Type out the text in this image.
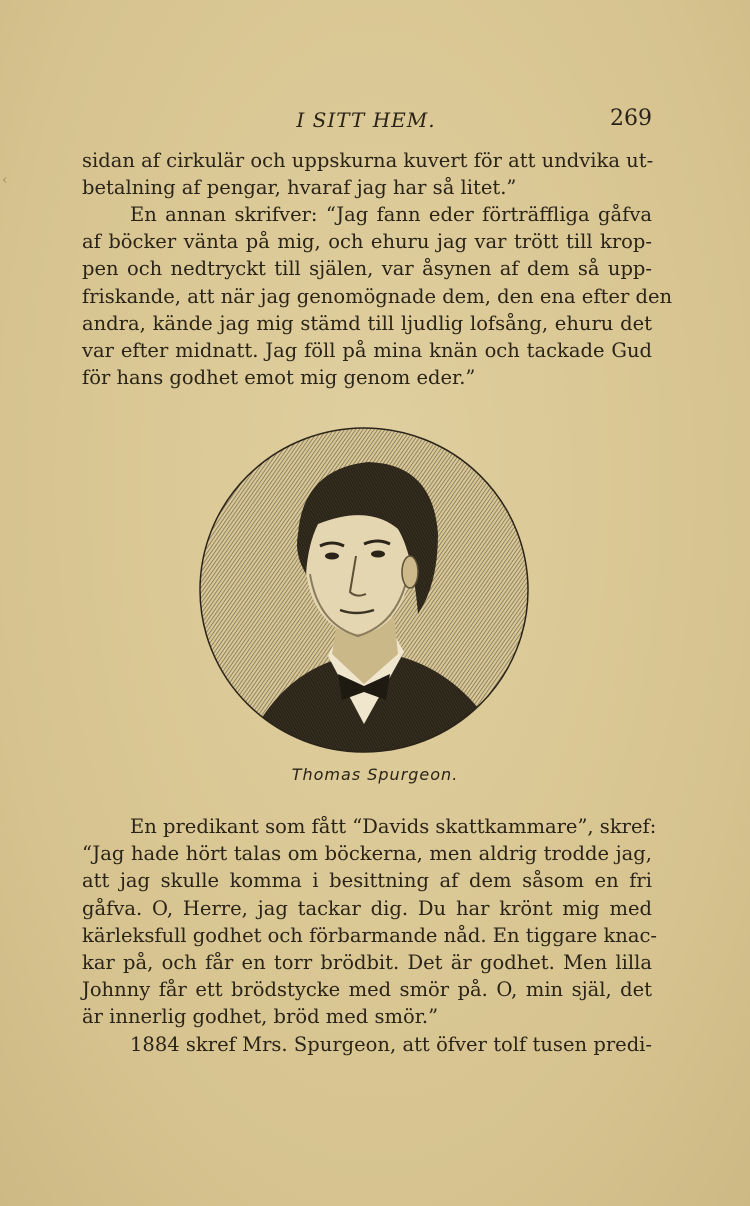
‹
I SITT HEM.	269

sidan af cirkulär och uppskurna kuvert för att undvika ut-
betalning af pengar, hvaraf jag har så litet.”

En annan skrifver: “Jag fann eder förträffliga gåfva
af böcker vänta på mig, och ehuru jag var trött till krop-
pen och nedtryckt till själen, var åsynen af dem så upp-
friskande, att när jag genomögnade dem, den ena efter den
andra, kände jag mig stämd till ljudlig lofsång, ehuru det
var efter midnatt. Jag föll på mina knän och tackade Gud
för hans godhet emot mig genom eder.”

Thomas Spurgeon.

En predikant som fått “Davids skattkammare”, skref:
“Jag hade hört talas om böckerna, men aldrig trodde jag,
att jag skulle komma i besittning af dem såsom en fri
gåfva. O, Herre, jag tackar dig. Du har krönt mig med
kärleksfull godhet och förbarmande nåd. En tiggare knac-
kar på, och får en torr brödbit. Det är godhet. Men lilla
Johnny får ett brödstycke med smör på. O, min själ, det
är innerlig godhet, bröd med smör.”
1884 skref Mrs. Spurgeon, att öfver tolf tusen predi-
